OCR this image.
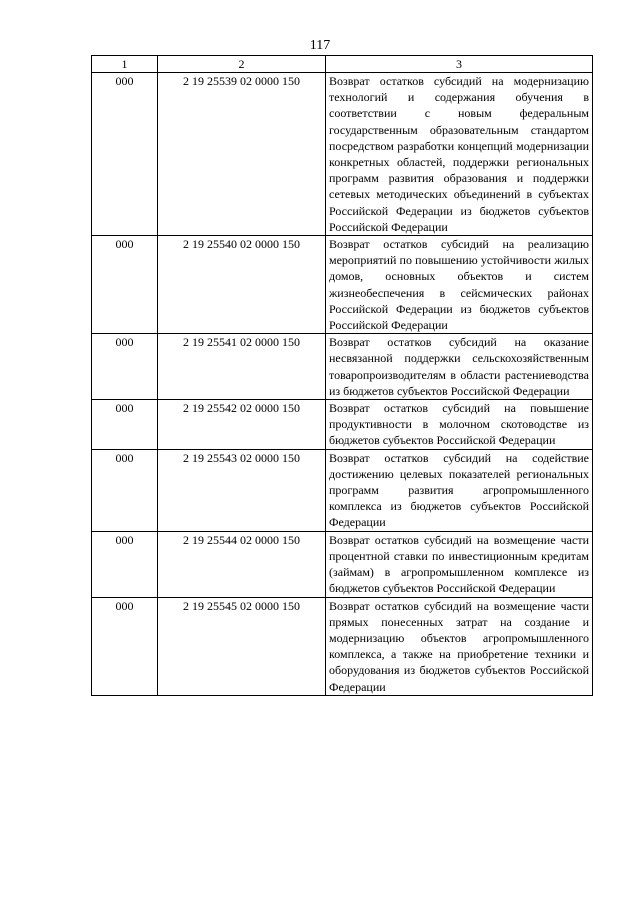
117
1	2	3
000	2 19 25539 02 0000 150	Возврат остатков субсидий на модернизацию технологий и содержания обучения в соответствии с новым федеральным государственным образовательным стандартом посредством разработки концепций модернизации конкретных областей, поддержки региональных программ развития образования и поддержки сетевых методических объединений в субъектах Российской Федерации из бюджетов субъектов Российской Федерации
000	2 19 25540 02 0000 150	Возврат остатков субсидий на реализацию мероприятий по повышению устойчивости жилых домов, основных объектов и систем жизнеобеспечения в сейсмических районах Российской Федерации из бюджетов субъектов Российской Федерации
000	2 19 25541 02 0000 150	Возврат остатков субсидий на оказание несвязанной поддержки сельскохозяйственным товаропроизводителям в области растениеводства из бюджетов субъектов Российской Федерации
000	2 19 25542 02 0000 150	Возврат остатков субсидий на повышение продуктивности в молочном скотоводстве из бюджетов субъектов Российской Федерации
000	2 19 25543 02 0000 150	Возврат остатков субсидий на содействие достижению целевых показателей региональных программ развития агропромышленного комплекса из бюджетов субъектов Российской Федерации
000	2 19 25544 02 0000 150	Возврат остатков субсидий на возмещение части процентной ставки по инвестиционным кредитам (займам) в агропромышленном комплексе из бюджетов субъектов Российской Федерации
000	2 19 25545 02 0000 150	Возврат остатков субсидий на возмещение части прямых понесенных затрат на создание и модернизацию объектов агропромышленного комплекса, а также на приобретение техники и оборудования из бюджетов субъектов Российской Федерации
